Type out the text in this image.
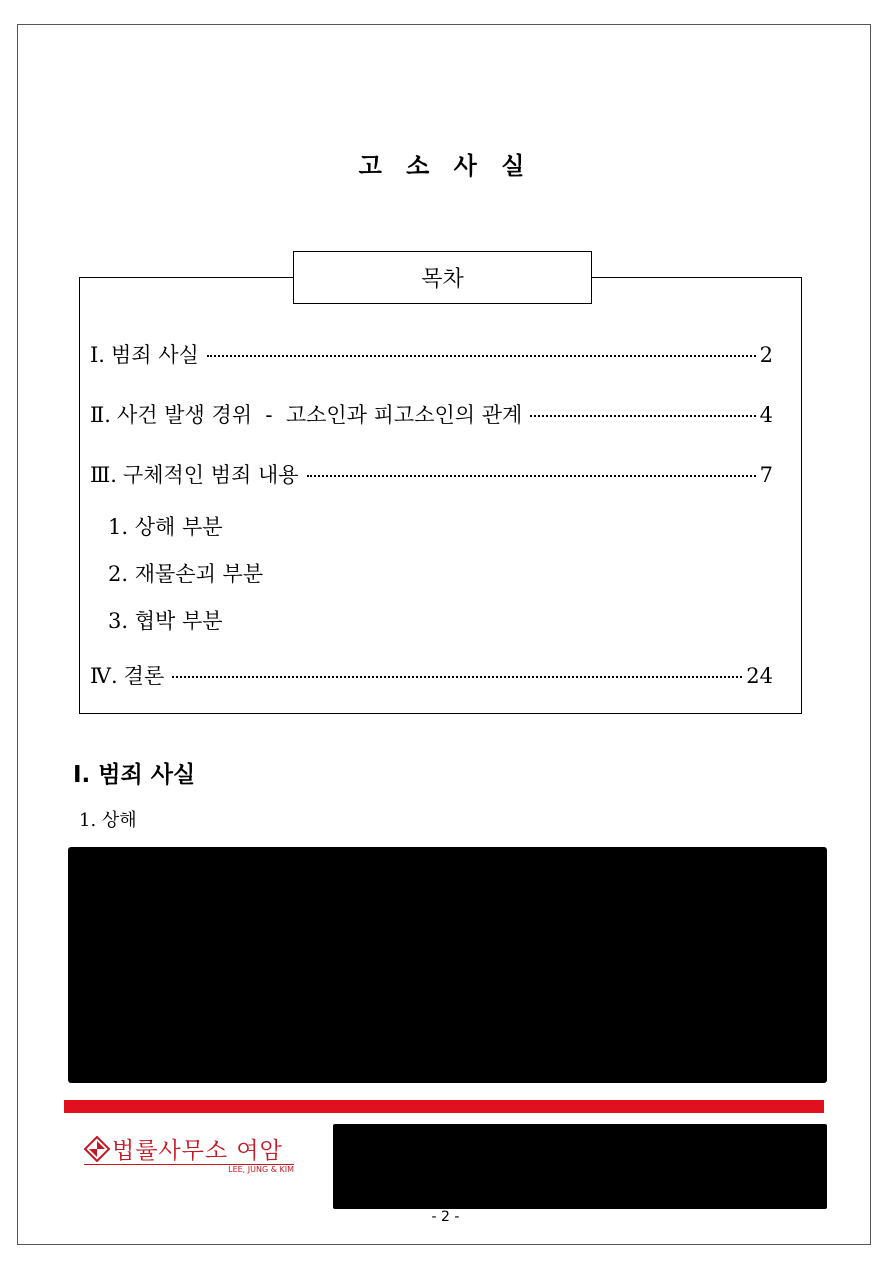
고 소 사 실
목차
Ⅰ. 범죄 사실	2
Ⅱ. 사건 발생 경위  -  고소인과 피고소인의 관계	4
Ⅲ. 구체적인 범죄 내용	7
1. 상해 부분
2. 재물손괴 부분
3. 협박 부분
Ⅳ. 결론	24
Ⅰ. 범죄 사실
1. 상해
법률사무소 여암
LEE, JUNG & KIM
- 2 -
